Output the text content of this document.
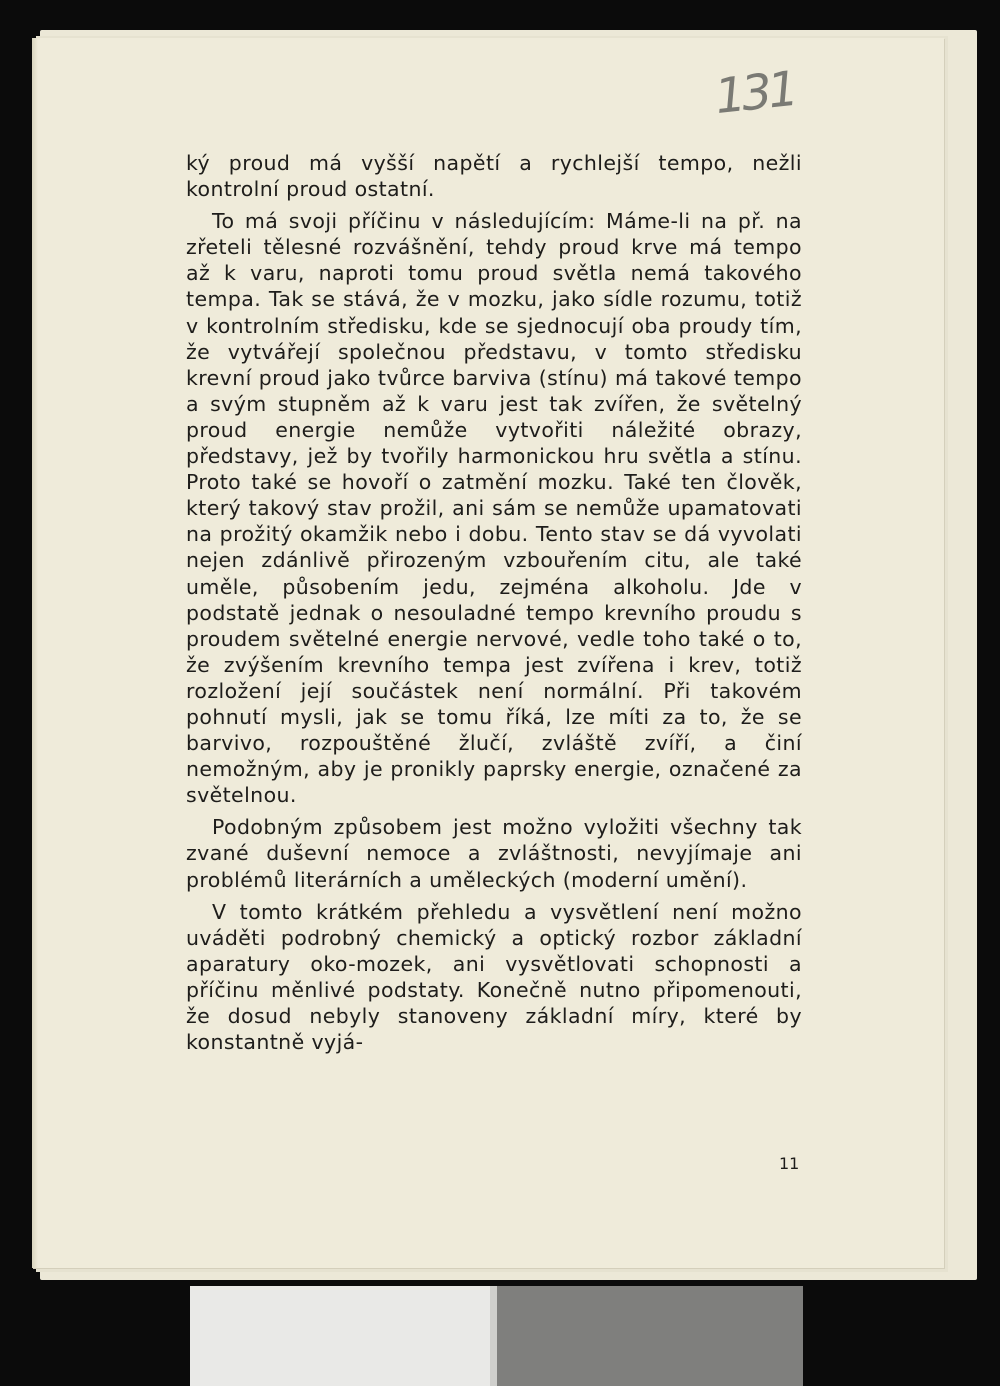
131

ký proud má vyšší napětí a rychlejší tempo, nežli kontrolní proud ostatní.

To má svoji příčinu v následujícím: Máme-li na př. na zřeteli tělesné rozvášnění, tehdy proud krve má tempo až k varu, naproti tomu proud světla nemá takového tempa. Tak se stává, že v mozku, jako sídle rozumu, totiž v kontrolním středisku, kde se sjednocují oba proudy tím, že vytvářejí společnou představu, v tomto středisku krevní proud jako tvůrce barviva (stínu) má takové tempo a svým stupněm až k varu jest tak zvířen, že světelný proud energie nemůže vytvořiti náležité obrazy, představy, jež by tvořily harmonickou hru světla a stínu. Proto také se hovoří o zatmění mozku. Také ten člověk, který takový stav prožil, ani sám se nemůže upamatovati na prožitý okamžik nebo i dobu. Tento stav se dá vyvolati nejen zdánlivě přirozeným vzbouřením citu, ale také uměle, působením jedu, zejména alkoholu. Jde v podstatě jednak o nesouladné tempo krevního proudu s proudem světelné energie nervové, vedle toho také o to, že zvýšením krevního tempa jest zvířena i krev, totiž rozložení její součástek není normální. Při takovém pohnutí mysli, jak se tomu říká, lze míti za to, že se barvivo, rozpouštěné žlučí, zvláště zvíří, a činí nemožným, aby je pronikly paprsky energie, označené za světelnou.

Podobným způsobem jest možno vyložiti všechny tak zvané duševní nemoce a zvláštnosti, nevyjímaje ani problémů literárních a uměleckých (moderní umění).

V tomto krátkém přehledu a vysvětlení není možno uváděti podrobný chemický a optický rozbor základní aparatury oko-mozek, ani vysvětlovati schopnosti a příčinu měnlivé podstaty. Konečně nutno připomenouti, že dosud nebyly stanoveny základní míry, které by konstantně vyjá-

11
